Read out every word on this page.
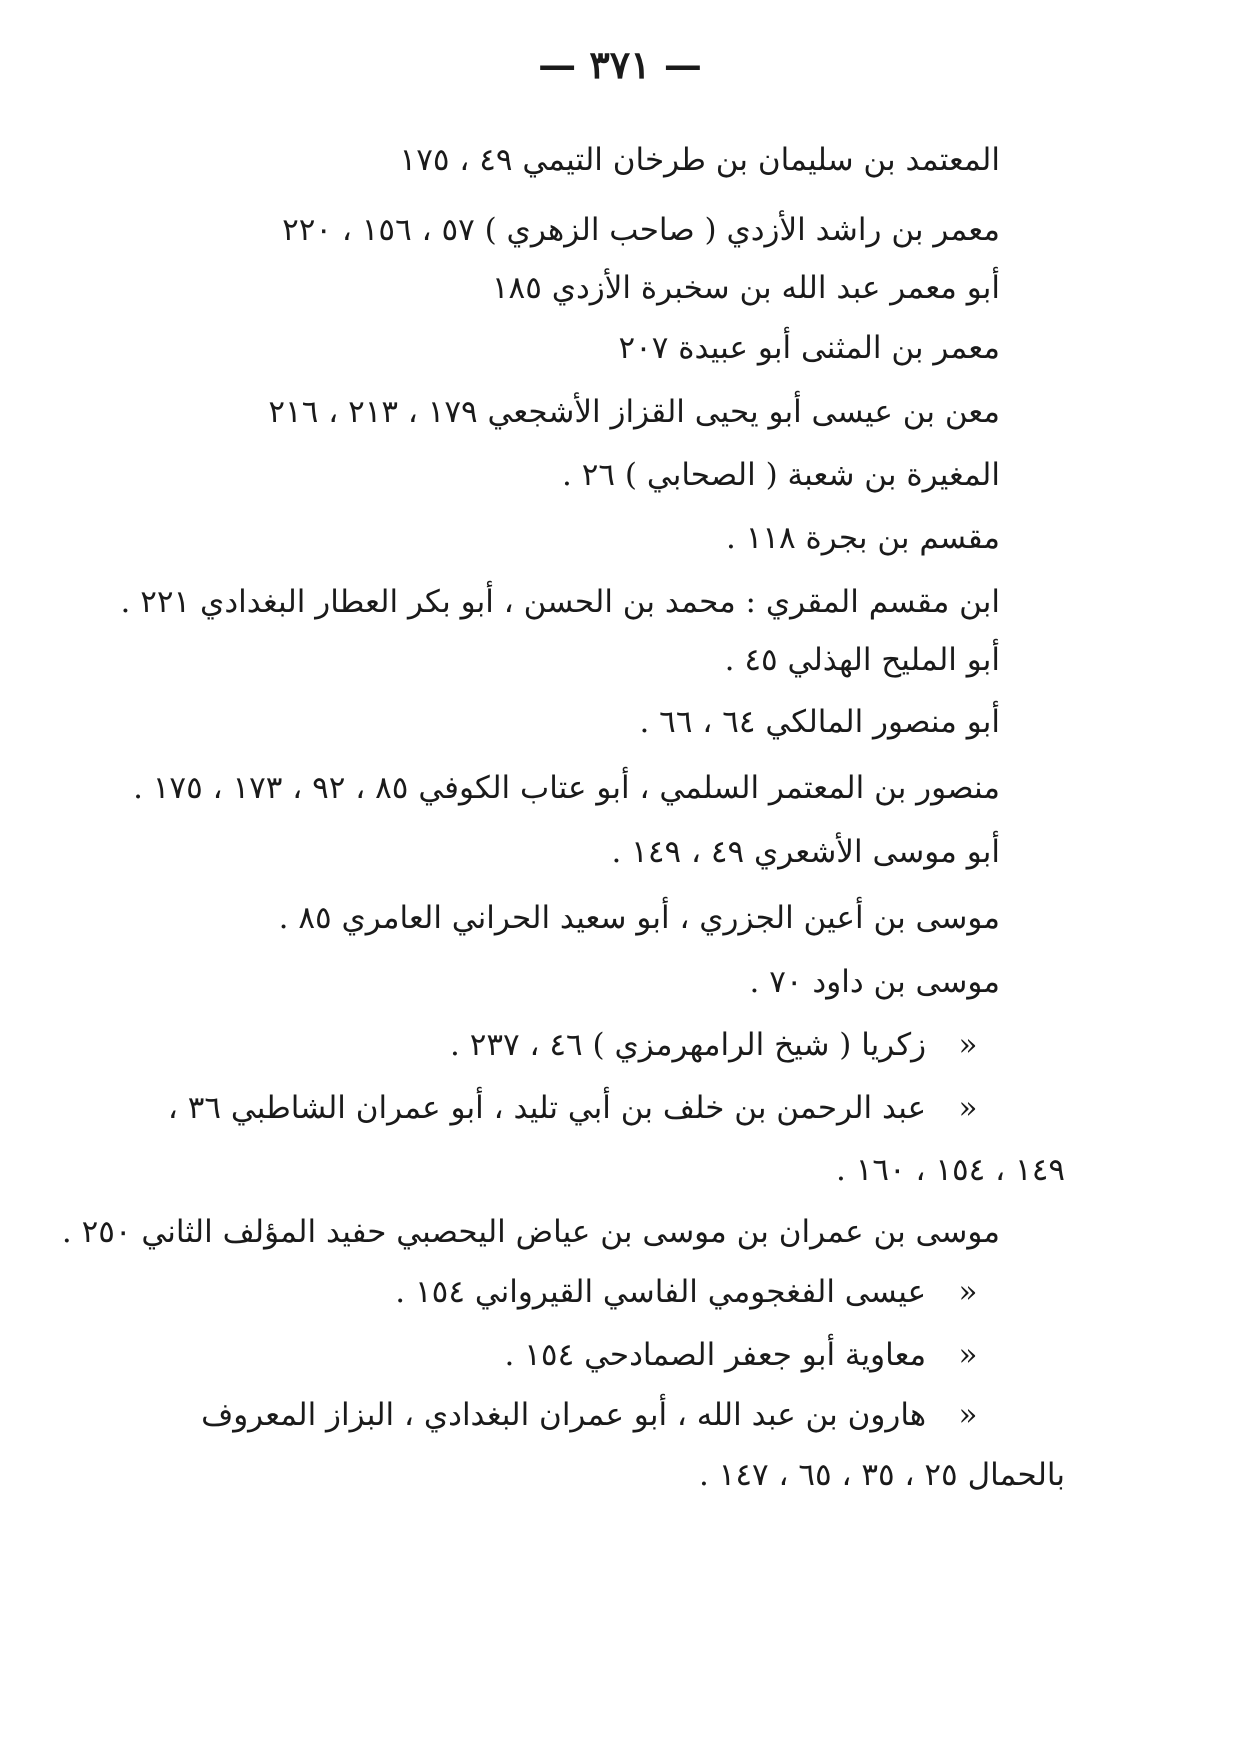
— ٣٧١ —
المعتمد بن سليمان بن طرخان التيمي ٤٩ ، ١٧٥
معمر بن راشد الأزدي ( صاحب الزهري ) ٥٧ ، ١٥٦ ، ٢٢٠
أبو معمر عبد الله بن سخبرة الأزدي ١٨٥
معمر بن المثنى أبو عبيدة ٢٠٧
معن بن عيسى أبو يحيى القزاز الأشجعي ١٧٩ ، ٢١٣ ، ٢١٦
المغيرة بن شعبة ( الصحابي ) ٢٦ .
مقسم بن بجرة ١١٨ .
ابن مقسم المقري : محمد بن الحسن ، أبو بكر العطار البغدادي ٢٢١ .
أبو المليح الهذلي ٤٥ .
أبو منصور المالكي ٦٤ ، ٦٦ .
منصور بن المعتمر السلمي ، أبو عتاب الكوفي ٨٥ ، ٩٢ ، ١٧٣ ، ١٧٥ .
أبو موسى الأشعري ٤٩ ، ١٤٩ .
موسى بن أعين الجزري ، أبو سعيد الحراني العامري ٨٥ .
موسى بن داود ٧٠ .
« زكريا ( شيخ الرامهرمزي ) ٤٦ ، ٢٣٧ .
« عبد الرحمن بن خلف بن أبي تليد ، أبو عمران الشاطبي ٣٦ ،
١٤٩ ، ١٥٤ ، ١٦٠ .
موسى بن عمران بن موسى بن عياض اليحصبي حفيد المؤلف الثاني ٢٥٠ .
« عيسى الفغجومي الفاسي القيرواني ١٥٤ .
« معاوية أبو جعفر الصمادحي ١٥٤ .
« هارون بن عبد الله ، أبو عمران البغدادي ، البزاز المعروف
بالحمال ٢٥ ، ٣٥ ، ٦٥ ، ١٤٧ .
